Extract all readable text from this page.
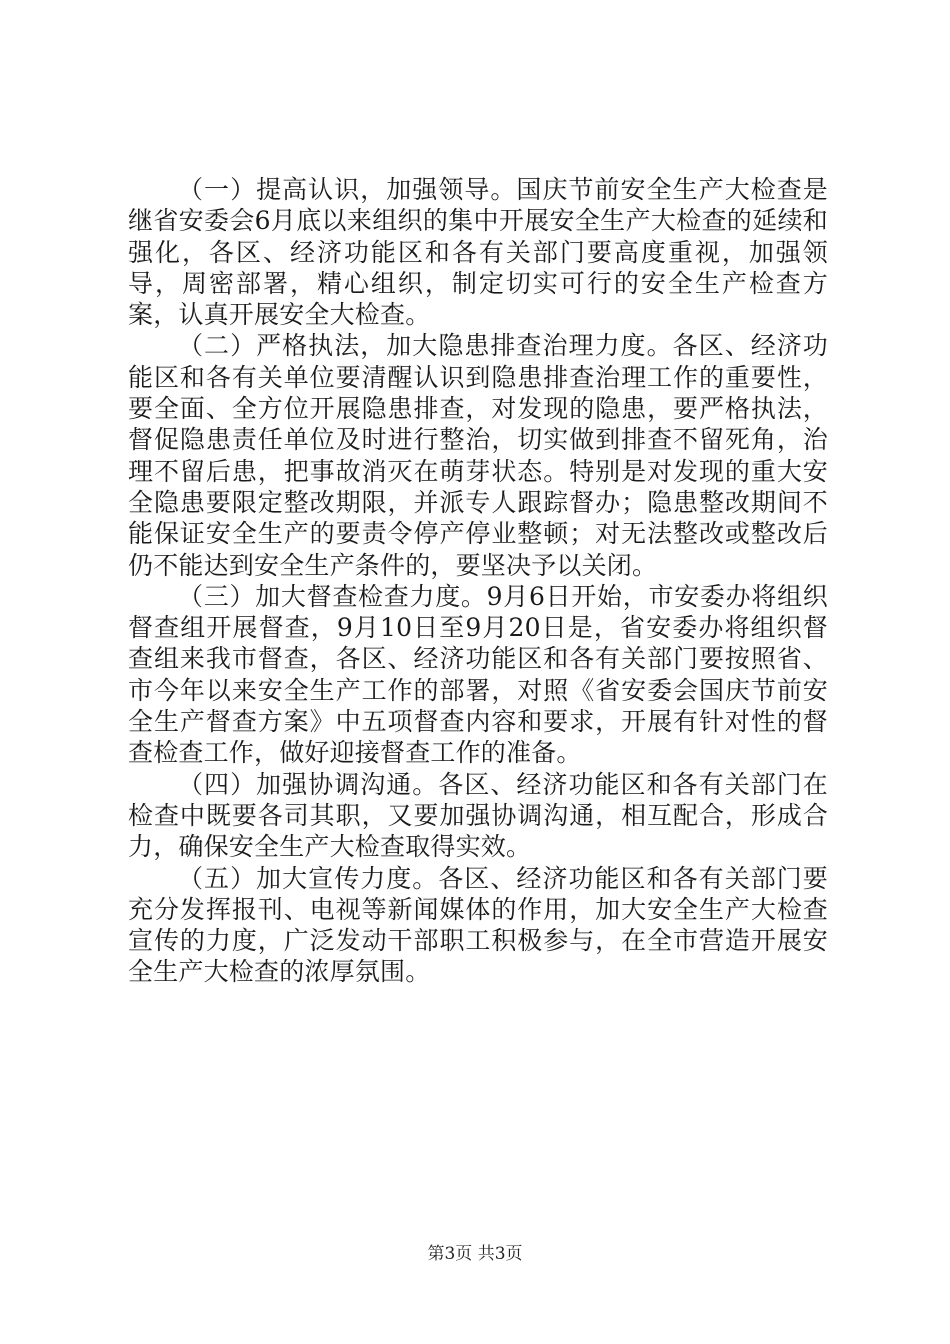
（一）提高认识，加强领导。国庆节前安全生产大检查是继省安委会6月底以来组织的集中开展安全生产大检查的延续和强化，各区、经济功能区和各有关部门要高度重视，加强领导，周密部署，精心组织，制定切实可行的安全生产检查方案，认真开展安全大检查。

（二）严格执法，加大隐患排查治理力度。各区、经济功能区和各有关单位要清醒认识到隐患排查治理工作的重要性，要全面、全方位开展隐患排查，对发现的隐患，要严格执法，督促隐患责任单位及时进行整治，切实做到排查不留死角，治理不留后患，把事故消灭在萌芽状态。特别是对发现的重大安全隐患要限定整改期限，并派专人跟踪督办；隐患整改期间不能保证安全生产的要责令停产停业整顿；对无法整改或整改后仍不能达到安全生产条件的，要坚决予以关闭。

（三）加大督查检查力度。9月6日开始，市安委办将组织督查组开展督查，9月10日至9月20日是，省安委办将组织督查组来我市督查，各区、经济功能区和各有关部门要按照省、市今年以来安全生产工作的部署，对照《省安委会国庆节前安全生产督查方案》中五项督查内容和要求，开展有针对性的督查检查工作，做好迎接督查工作的准备。

（四）加强协调沟通。各区、经济功能区和各有关部门在检查中既要各司其职，又要加强协调沟通，相互配合，形成合力，确保安全生产大检查取得实效。

（五）加大宣传力度。各区、经济功能区和各有关部门要充分发挥报刊、电视等新闻媒体的作用，加大安全生产大检查宣传的力度，广泛发动干部职工积极参与，在全市营造开展安全生产大检查的浓厚氛围。

第3页 共3页
